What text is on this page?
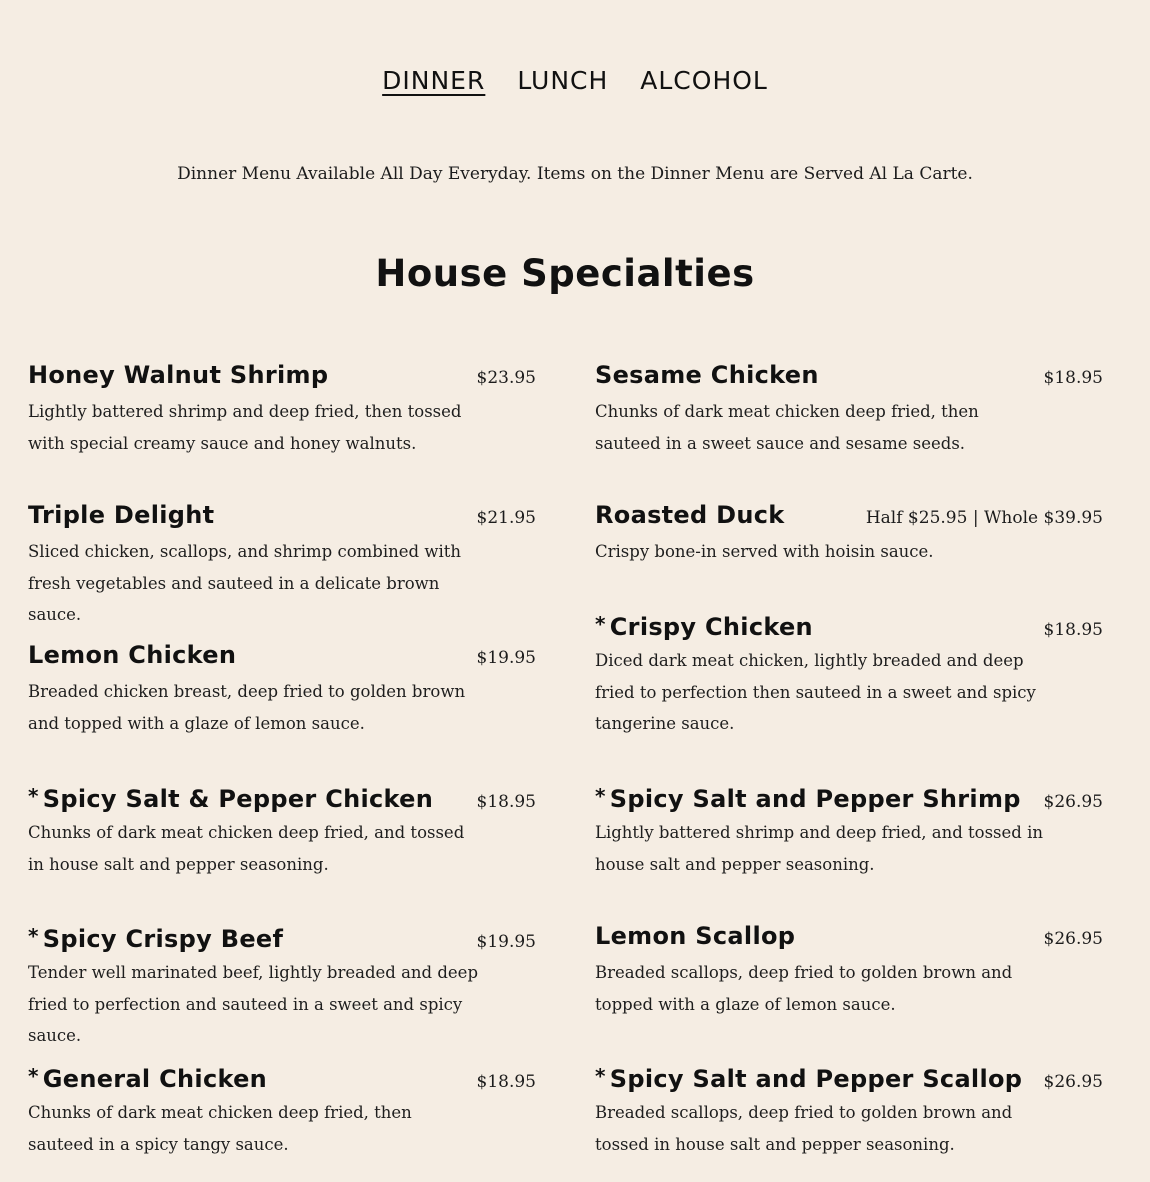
DINNER LUNCH ALCOHOL
Dinner Menu Available All Day Everyday. Items on the Dinner Menu are Served Al La Carte.
House Specialties
Honey Walnut Shrimp	$23.95
Lightly battered shrimp and deep fried, then tossed with special creamy sauce and honey walnuts.
Triple Delight	$21.95
Sliced chicken, scallops, and shrimp combined with fresh vegetables and sauteed in a delicate brown sauce.
Lemon Chicken	$19.95
Breaded chicken breast, deep fried to golden brown and topped with a glaze of lemon sauce.
* Spicy Salt & Pepper Chicken	$18.95
Chunks of dark meat chicken deep fried, and tossed in house salt and pepper seasoning.
* Spicy Crispy Beef	$19.95
Tender well marinated beef, lightly breaded and deep fried to perfection and sauteed in a sweet and spicy sauce.
* General Chicken	$18.95
Chunks of dark meat chicken deep fried, then sauteed in a spicy tangy sauce.
Sesame Chicken	$18.95
Chunks of dark meat chicken deep fried, then sauteed in a sweet sauce and sesame seeds.
Roasted Duck	Half $25.95 | Whole $39.95
Crispy bone-in served with hoisin sauce.
* Crispy Chicken	$18.95
Diced dark meat chicken, lightly breaded and deep fried to perfection then sauteed in a sweet and spicy tangerine sauce.
* Spicy Salt and Pepper Shrimp $26.95
Lightly battered shrimp and deep fried, and tossed in house salt and pepper seasoning.
Lemon Scallop	$26.95
Breaded scallops, deep fried to golden brown and topped with a glaze of lemon sauce.
* Spicy Salt and Pepper Scallop $26.95
Breaded scallops, deep fried to golden brown and tossed in house salt and pepper seasoning.
